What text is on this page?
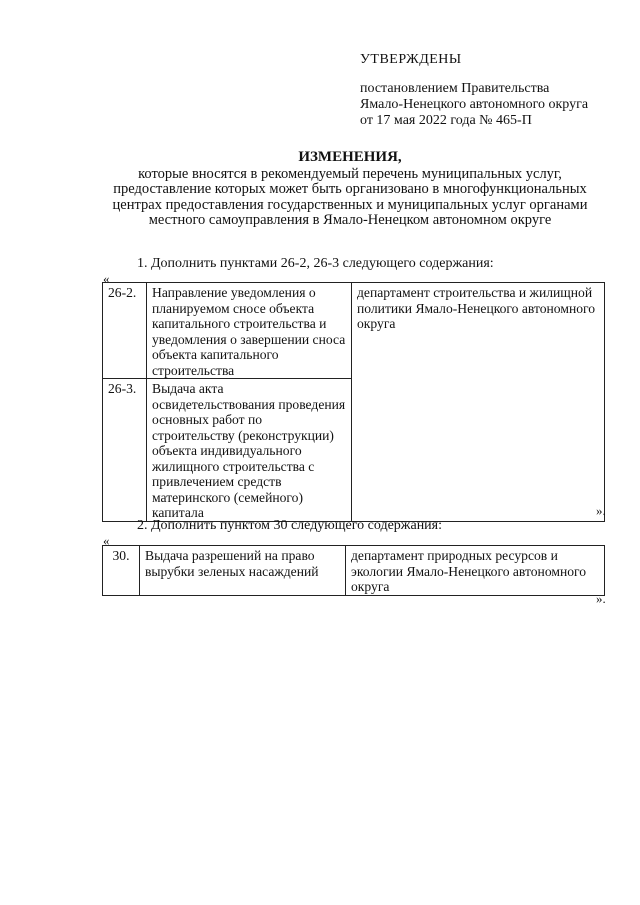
УТВЕРЖДЕНЫ
постановлением Правительства
Ямало-Ненецкого автономного округа
от 17 мая 2022 года № 465-П
ИЗМЕНЕНИЯ,
которые вносятся в рекомендуемый перечень муниципальных услуг,
предоставление которых может быть организовано в многофункциональных
центрах предоставления государственных и муниципальных услуг органами
местного самоуправления в Ямало-Ненецком автономном округе
1. Дополнить пунктами 26-2, 26-3 следующего содержания:
«
26-2.	Направление уведомления о планируемом сносе объекта капитального строительства и уведомления о завершении сноса объекта капитального строительства	департамент строительства и жилищной политики Ямало-Ненецкого автономного округа
26-3.	Выдача акта освидетельствования проведения основных работ по строительству (реконструкции) объекта индивидуального жилищного строительства с привлечением средств материнского (семейного) капитала		».
2. Дополнить пунктом 30 следующего содержания:
«
30.	Выдача разрешений на право вырубки зеленых насаждений	департамент природных ресурсов и экологии Ямало-Ненецкого автономного округа
».
